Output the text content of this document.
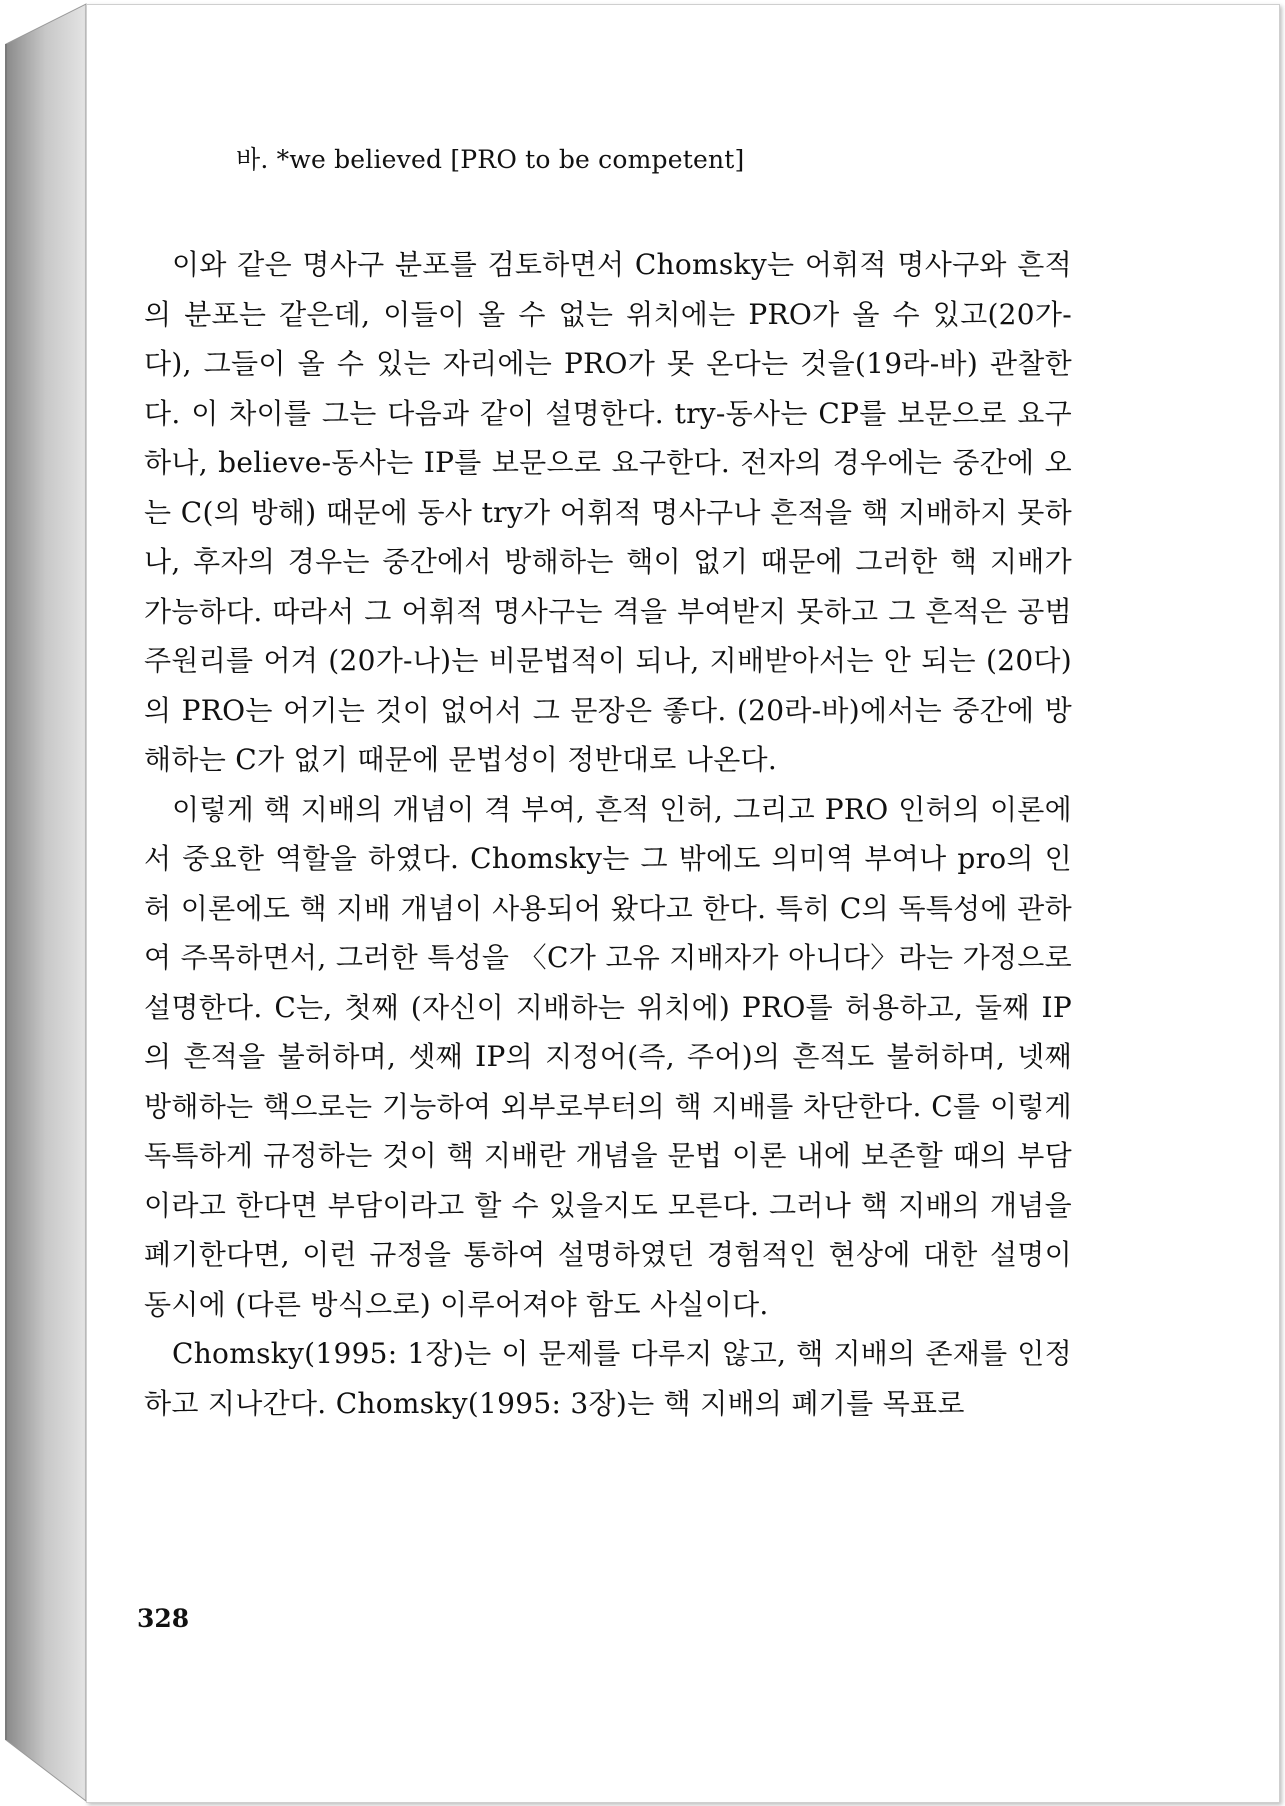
바. *we believed [PRO to be competent]

이와 같은 명사구 분포를 검토하면서 Chomsky는 어휘적 명사구와 흔적의 분포는 같은데, 이들이 올 수 없는 위치에는 PRO가 올 수 있고(20가-다), 그들이 올 수 있는 자리에는 PRO가 못 온다는 것을(19라-바) 관찰한다. 이 차이를 그는 다음과 같이 설명한다. try-동사는 CP를 보문으로 요구하나, believe-동사는 IP를 보문으로 요구한다. 전자의 경우에는 중간에 오는 C(의 방해) 때문에 동사 try가 어휘적 명사구나 흔적을 핵 지배하지 못하나, 후자의 경우는 중간에서 방해하는 핵이 없기 때문에 그러한 핵 지배가 가능하다. 따라서 그 어휘적 명사구는 격을 부여받지 못하고 그 흔적은 공범주원리를 어겨 (20가-나)는 비문법적이 되나, 지배받아서는 안 되는 (20다)의 PRO는 어기는 것이 없어서 그 문장은 좋다. (20라-바)에서는 중간에 방해하는 C가 없기 때문에 문법성이 정반대로 나온다.

이렇게 핵 지배의 개념이 격 부여, 흔적 인허, 그리고 PRO 인허의 이론에서 중요한 역할을 하였다. Chomsky는 그 밖에도 의미역 부여나 pro의 인허 이론에도 핵 지배 개념이 사용되어 왔다고 한다. 특히 C의 독특성에 관하여 주목하면서, 그러한 특성을 〈C가 고유 지배자가 아니다〉라는 가정으로 설명한다. C는, 첫째 (자신이 지배하는 위치에) PRO를 허용하고, 둘째 IP의 흔적을 불허하며, 셋째 IP의 지정어(즉, 주어)의 흔적도 불허하며, 넷째 방해하는 핵으로는 기능하여 외부로부터의 핵 지배를 차단한다. C를 이렇게 독특하게 규정하는 것이 핵 지배란 개념을 문법 이론 내에 보존할 때의 부담이라고 한다면 부담이라고 할 수 있을지도 모른다. 그러나 핵 지배의 개념을 폐기한다면, 이런 규정을 통하여 설명하였던 경험적인 현상에 대한 설명이 동시에 (다른 방식으로) 이루어져야 함도 사실이다.

Chomsky(1995: 1장)는 이 문제를 다루지 않고, 핵 지배의 존재를 인정하고 지나간다. Chomsky(1995: 3장)는 핵 지배의 폐기를 목표로

328
